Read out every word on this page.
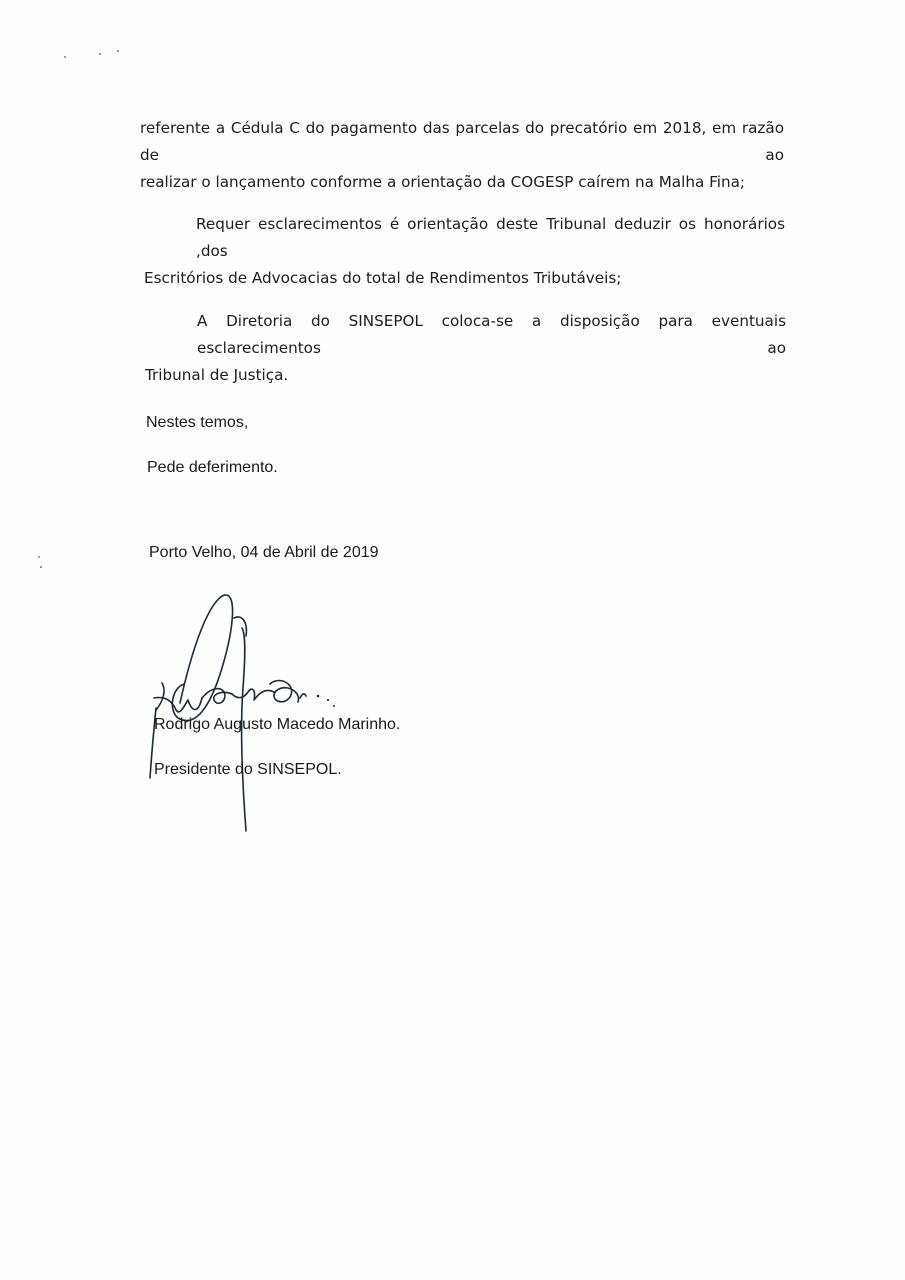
referente a Cédula C do pagamento das parcelas do precatório em 2018, em razão de ao
realizar o lançamento conforme a orientação da COGESP caírem na Malha Fina;
Requer esclarecimentos é orientação deste Tribunal deduzir os honorários ,dos
Escritórios de Advocacias do total de Rendimentos Tributáveis;
A Diretoria do SINSEPOL coloca-se a disposição para eventuais esclarecimentos ao
Tribunal de Justiça.
Nestes temos,
Pede deferimento.
Porto Velho, 04 de Abril de 2019
Rodrigo Augusto Macedo Marinho.
Presidente do SINSEPOL.
